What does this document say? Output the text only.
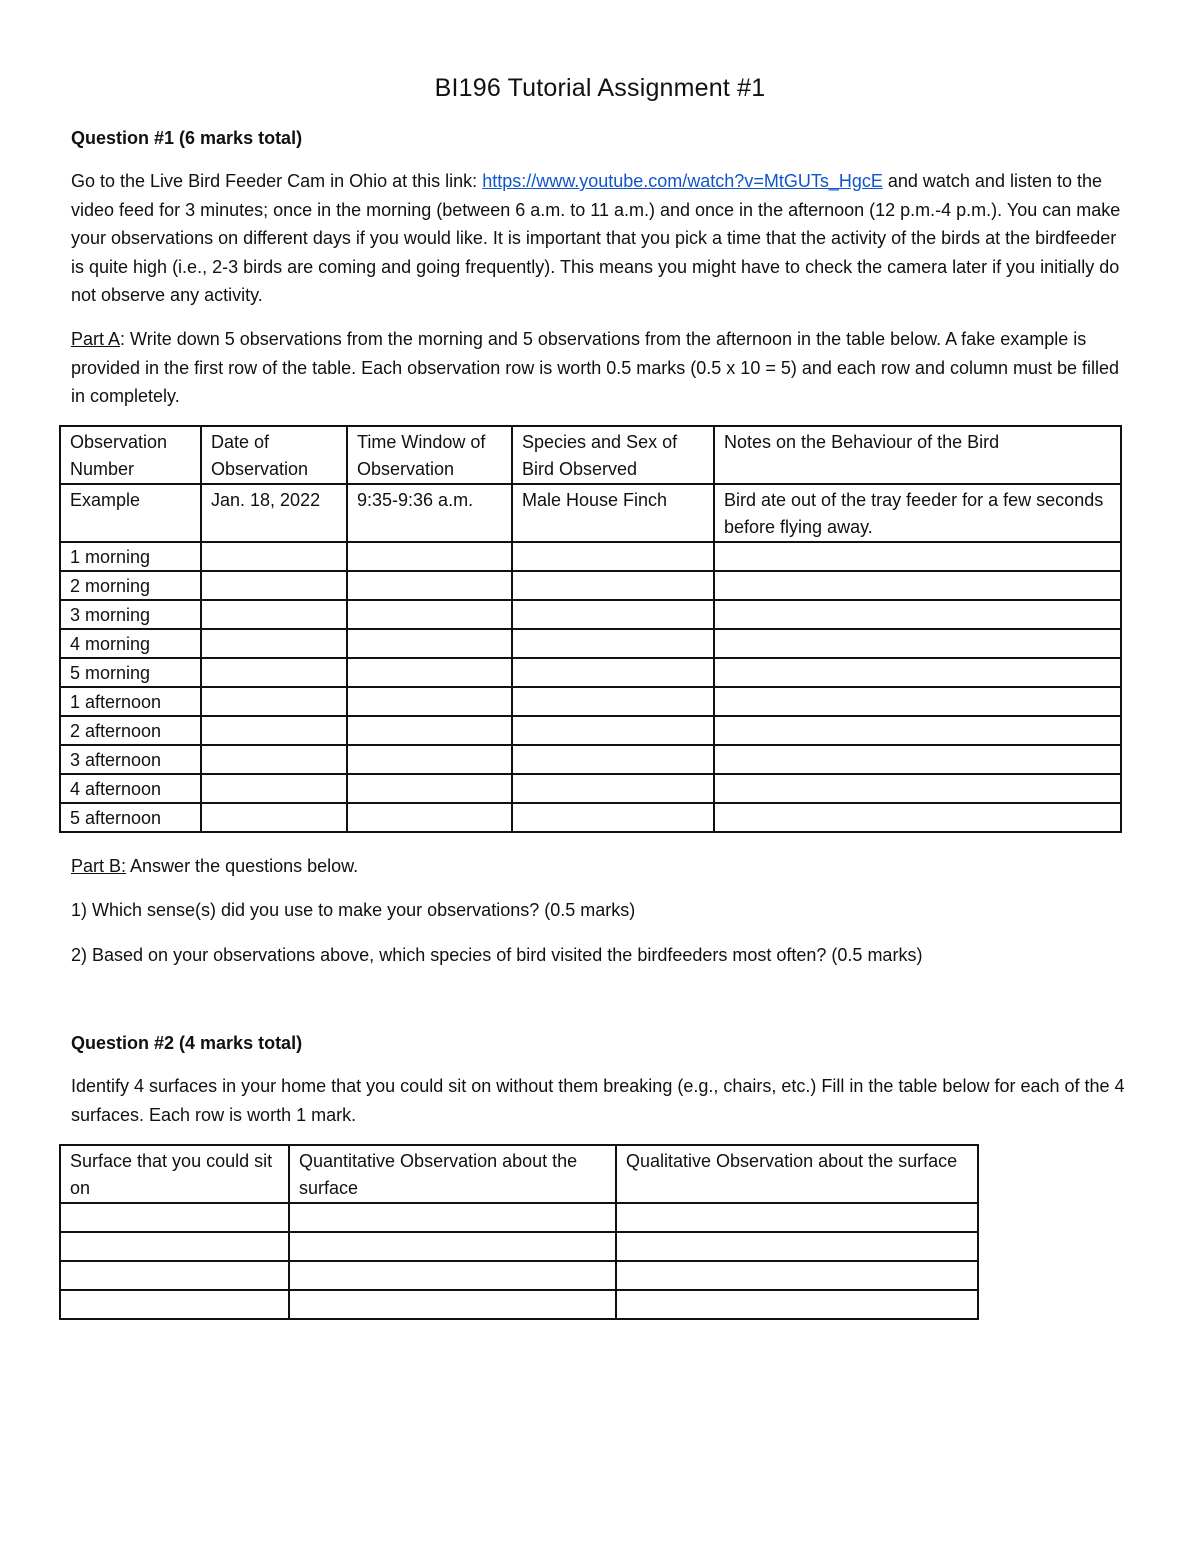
BI196 Tutorial Assignment #1
Question #1 (6 marks total)
Go to the Live Bird Feeder Cam in Ohio at this link: https://www.youtube.com/watch?v=MtGUTs_HgcE and watch and listen to the video feed for 3 minutes; once in the morning (between 6 a.m. to 11 a.m.) and once in the afternoon (12 p.m.-4 p.m.). You can make your observations on different days if you would like. It is important that you pick a time that the activity of the birds at the birdfeeder is quite high (i.e., 2-3 birds are coming and going frequently). This means you might have to check the camera later if you initially do not observe any activity.
Part A: Write down 5 observations from the morning and 5 observations from the afternoon in the table below. A fake example is provided in the first row of the table. Each observation row is worth 0.5 marks (0.5 x 10 = 5) and each row and column must be filled in completely.
Observation Number	Date of Observation	Time Window of Observation	Species and Sex of Bird Observed	Notes on the Behaviour of the Bird
Example	Jan. 18, 2022	9:35-9:36 a.m.	Male House Finch	Bird ate out of the tray feeder for a few seconds before flying away.
1 morning				
2 morning				
3 morning				
4 morning				
5 morning				
1 afternoon				
2 afternoon				
3 afternoon				
4 afternoon				
5 afternoon				
Part B: Answer the questions below.
1) Which sense(s) did you use to make your observations? (0.5 marks)
2) Based on your observations above, which species of bird visited the birdfeeders most often? (0.5 marks)
Question #2 (4 marks total)
Identify 4 surfaces in your home that you could sit on without them breaking (e.g., chairs, etc.) Fill in the table below for each of the 4 surfaces. Each row is worth 1 mark.
Surface that you could sit on	Quantitative Observation about the surface	Qualitative Observation about the surface
